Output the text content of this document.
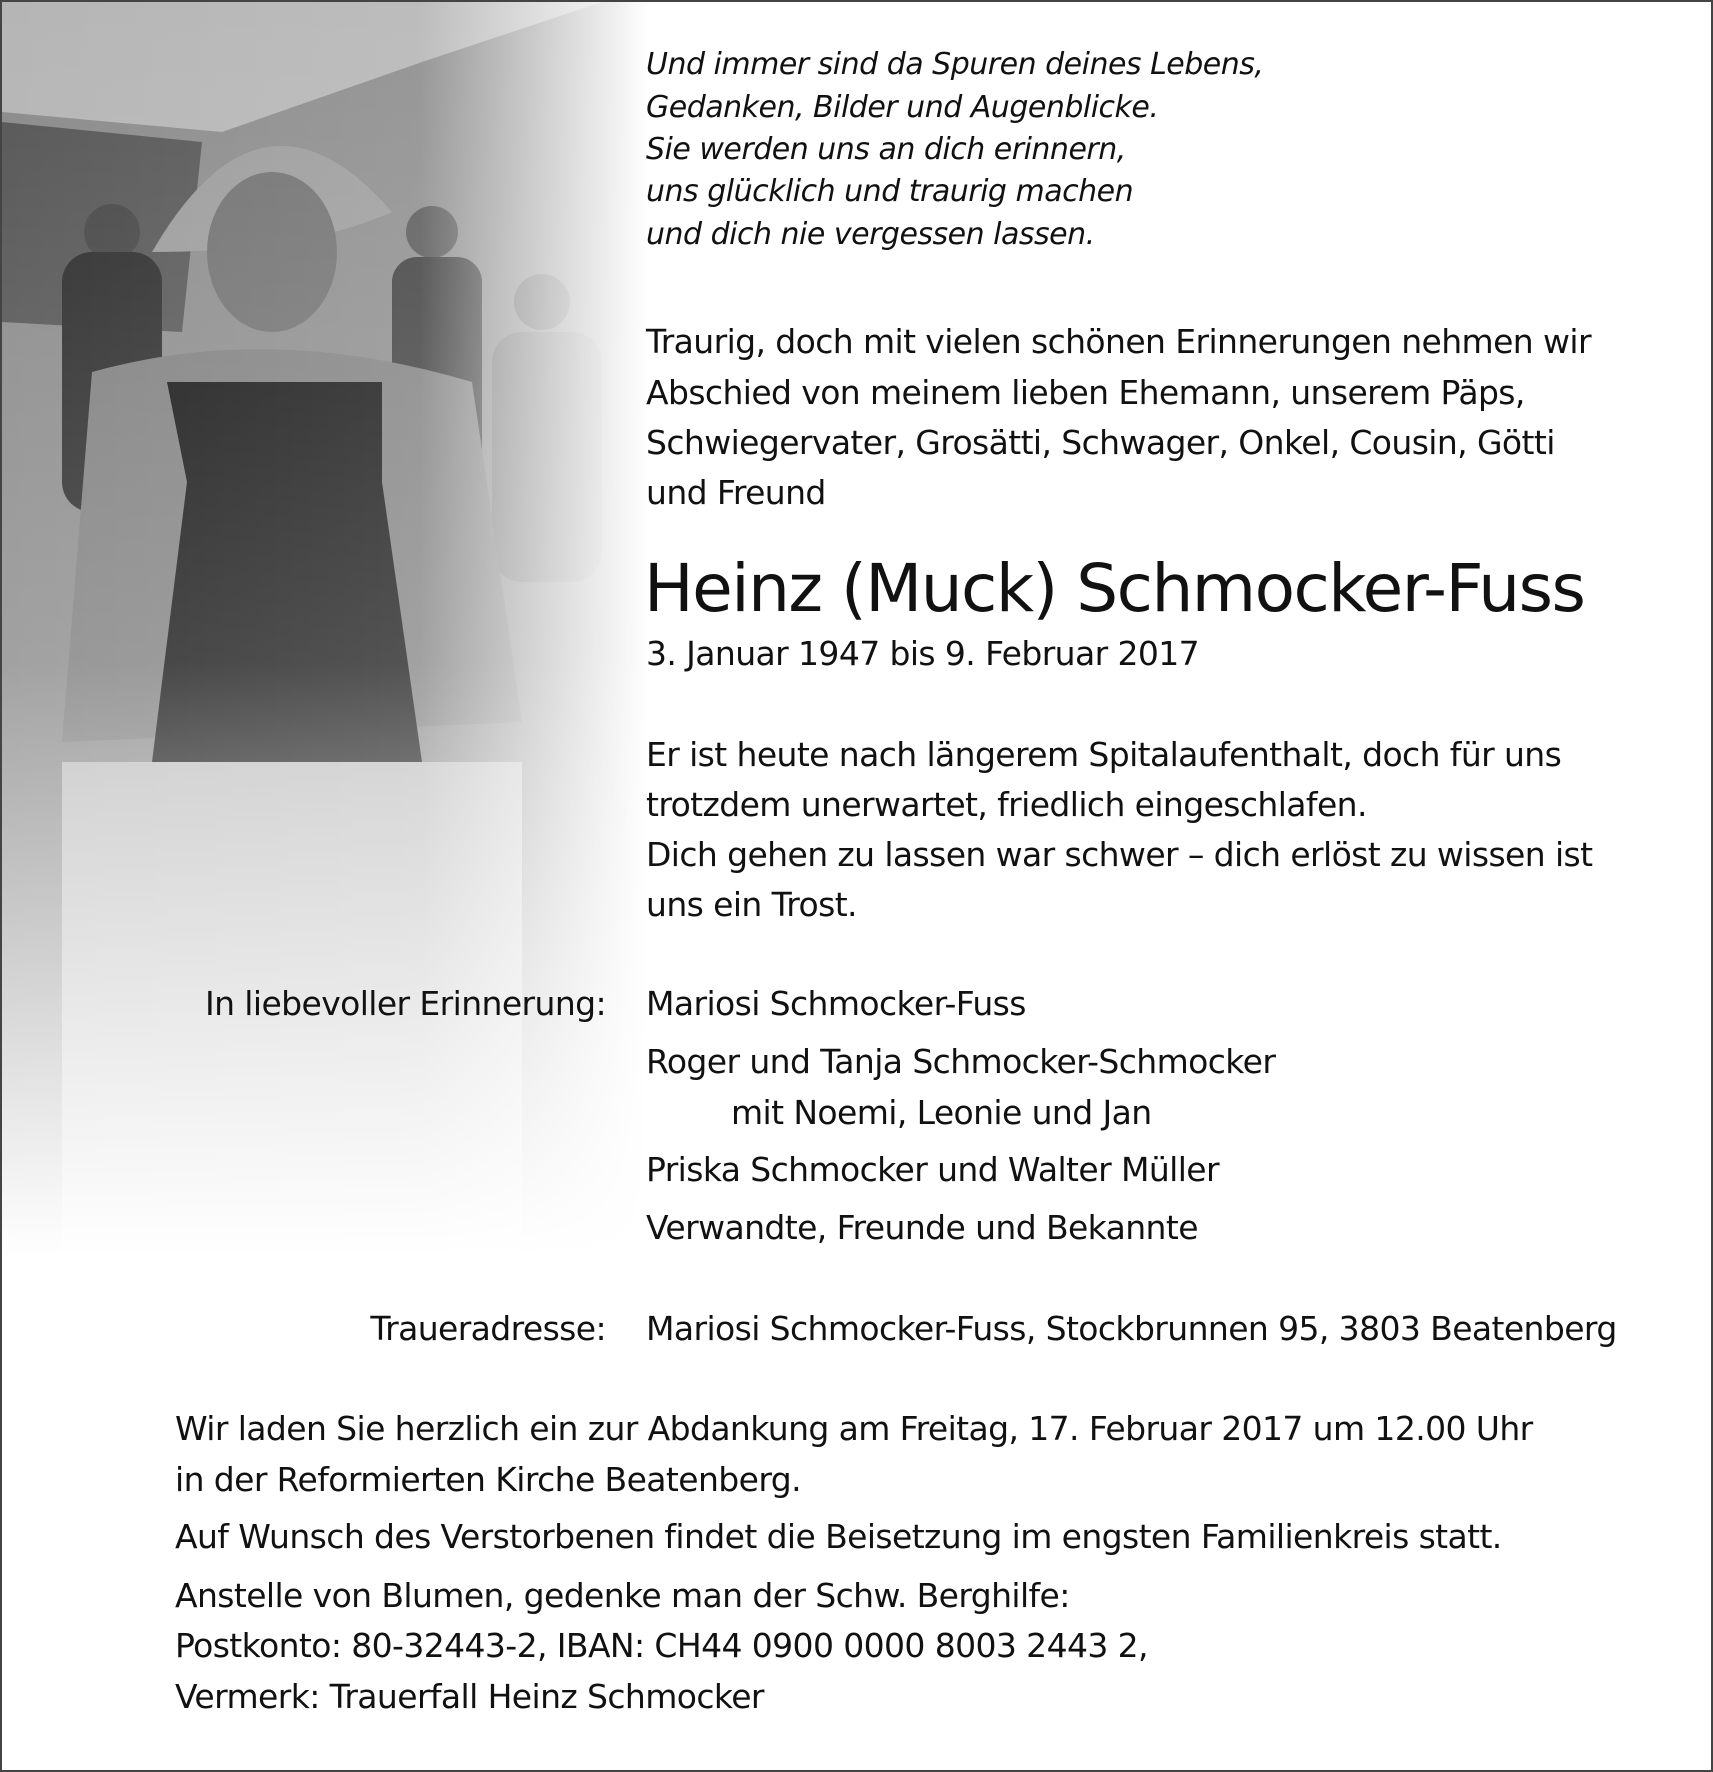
Und immer sind da Spuren deines Lebens,
Gedanken, Bilder und Augenblicke.
Sie werden uns an dich erinnern,
uns glücklich und traurig machen
und dich nie vergessen lassen.
Traurig, doch mit vielen schönen Erinnerungen nehmen wir
Abschied von meinem lieben Ehemann, unserem Päps,
Schwiegervater, Grosätti, Schwager, Onkel, Cousin, Götti
und Freund
Heinz (Muck) Schmocker-Fuss
3. Januar 1947 bis 9. Februar 2017
Er ist heute nach längerem Spitalaufenthalt, doch für uns
trotzdem unerwartet, friedlich eingeschlafen.
Dich gehen zu lassen war schwer – dich erlöst zu wissen ist
uns ein Trost.
In liebevoller Erinnerung: Mariosi Schmocker-Fuss
Roger und Tanja Schmocker-Schmocker
mit Noemi, Leonie und Jan
Priska Schmocker und Walter Müller
Verwandte, Freunde und Bekannte
Traueradresse: Mariosi Schmocker-Fuss, Stockbrunnen 95, 3803 Beatenberg
Wir laden Sie herzlich ein zur Abdankung am Freitag, 17. Februar 2017 um 12.00 Uhr
in der Reformierten Kirche Beatenberg.
Auf Wunsch des Verstorbenen findet die Beisetzung im engsten Familienkreis statt.
Anstelle von Blumen, gedenke man der Schw. Berghilfe:
Postkonto: 80-32443-2, IBAN: CH44 0900 0000 8003 2443 2,
Vermerk: Trauerfall Heinz Schmocker
